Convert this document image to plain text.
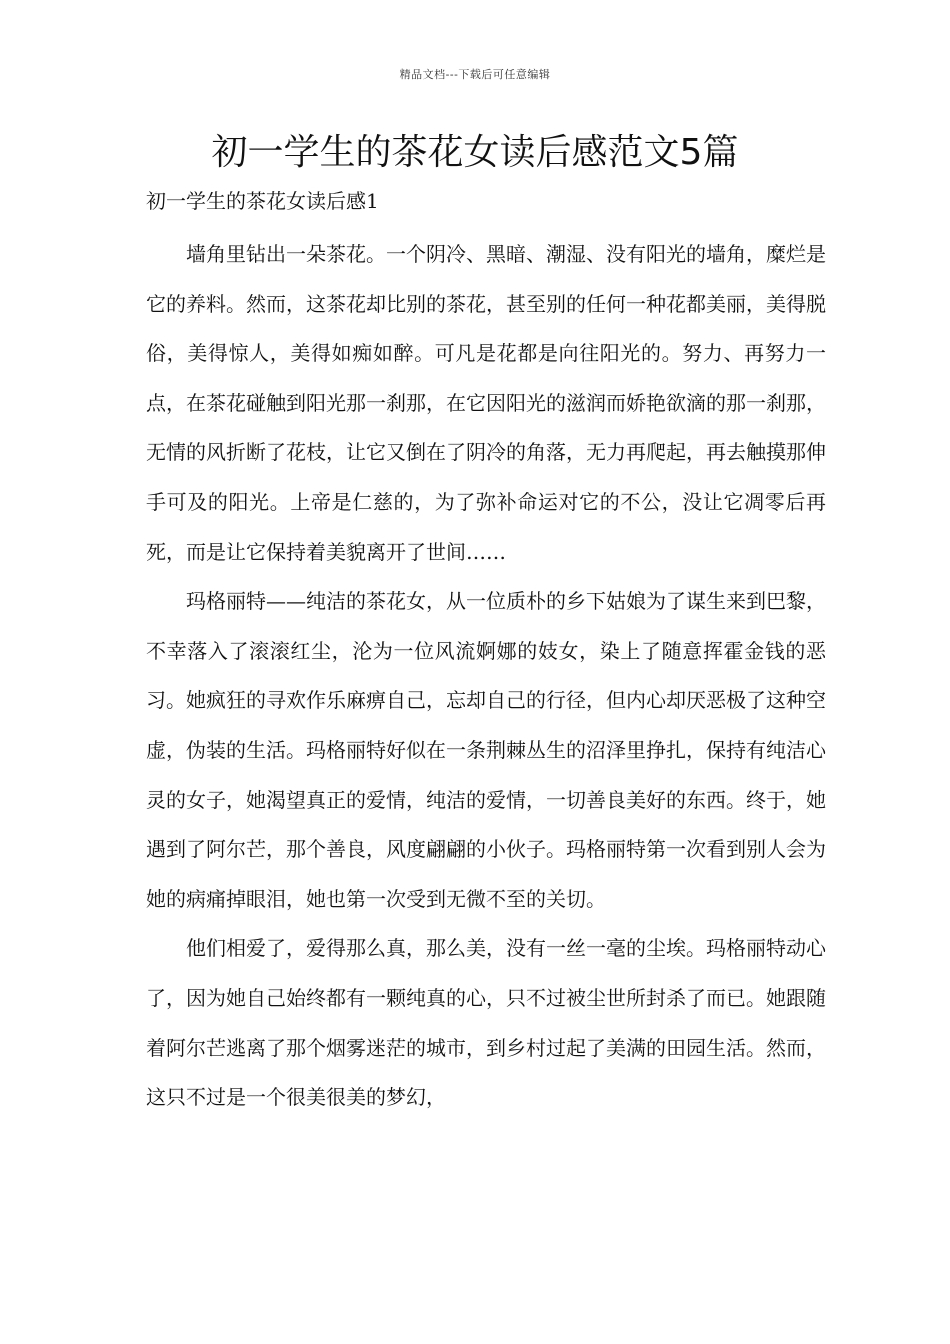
精品文档---下载后可任意编辑
初一学生的茶花女读后感范文5篇
初一学生的茶花女读后感1

墙角里钻出一朵茶花。一个阴冷、黑暗、潮湿、没有阳光的墙角，糜烂是它的养料。然而，这茶花却比别的茶花，甚至别的任何一种花都美丽，美得脱俗，美得惊人，美得如痴如醉。可凡是花都是向往阳光的。努力、再努力一点，在茶花碰触到阳光那一刹那，在它因阳光的滋润而娇艳欲滴的那一刹那，无情的风折断了花枝，让它又倒在了阴冷的角落，无力再爬起，再去触摸那伸手可及的阳光。上帝是仁慈的，为了弥补命运对它的不公，没让它凋零后再死，而是让它保持着美貌离开了世间……

玛格丽特——纯洁的茶花女，从一位质朴的乡下姑娘为了谋生来到巴黎，不幸落入了滚滚红尘，沦为一位风流婀娜的妓女，染上了随意挥霍金钱的恶习。她疯狂的寻欢作乐麻痹自己，忘却自己的行径，但内心却厌恶极了这种空虚，伪装的生活。玛格丽特好似在一条荆棘丛生的沼泽里挣扎，保持有纯洁心灵的女子，她渴望真正的爱情，纯洁的爱情，一切善良美好的东西。终于，她遇到了阿尔芒，那个善良，风度翩翩的小伙子。玛格丽特第一次看到别人会为她的病痛掉眼泪，她也第一次受到无微不至的关切。

他们相爱了，爱得那么真，那么美，没有一丝一毫的尘埃。玛格丽特动心了，因为她自己始终都有一颗纯真的心，只不过被尘世所封杀了而已。她跟随着阿尔芒逃离了那个烟雾迷茫的城市，到乡村过起了美满的田园生活。然而，这只不过是一个很美很美的梦幻，
